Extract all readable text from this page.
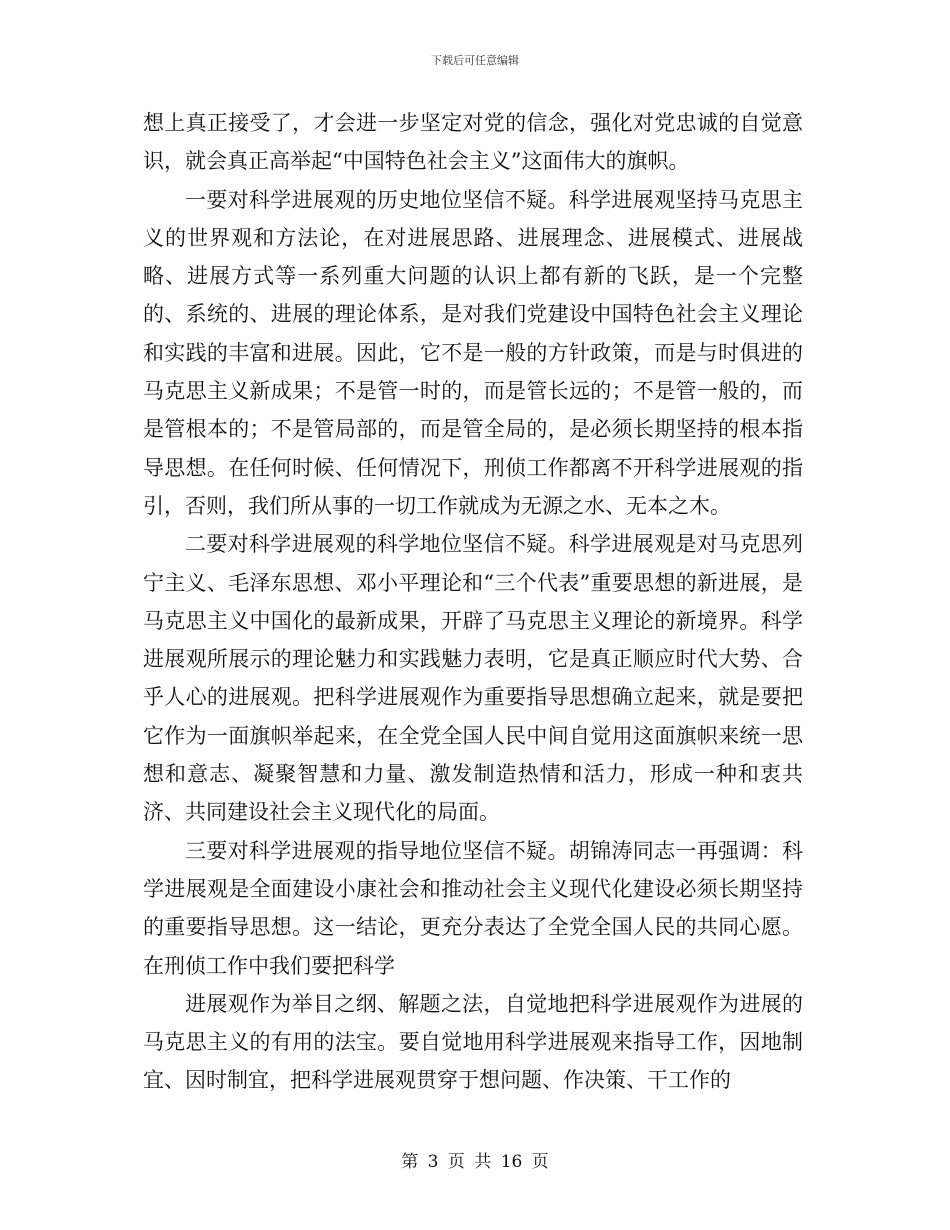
下载后可任意编辑

想上真正接受了，才会进一步坚定对党的信念，强化对党忠诚的自觉意识，就会真正高举起“中国特色社会主义”这面伟大的旗帜。

一要对科学进展观的历史地位坚信不疑。科学进展观坚持马克思主义的世界观和方法论，在对进展思路、进展理念、进展模式、进展战略、进展方式等一系列重大问题的认识上都有新的飞跃，是一个完整的、系统的、进展的理论体系，是对我们党建设中国特色社会主义理论和实践的丰富和进展。因此，它不是一般的方针政策，而是与时俱进的马克思主义新成果；不是管一时的，而是管长远的；不是管一般的，而是管根本的；不是管局部的，而是管全局的，是必须长期坚持的根本指导思想。在任何时候、任何情况下，刑侦工作都离不开科学进展观的指引，否则，我们所从事的一切工作就成为无源之水、无本之木。

二要对科学进展观的科学地位坚信不疑。科学进展观是对马克思列宁主义、毛泽东思想、邓小平理论和“三个代表”重要思想的新进展，是马克思主义中国化的最新成果，开辟了马克思主义理论的新境界。科学进展观所展示的理论魅力和实践魅力表明，它是真正顺应时代大势、合乎人心的进展观。把科学进展观作为重要指导思想确立起来，就是要把它作为一面旗帜举起来，在全党全国人民中间自觉用这面旗帜来统一思想和意志、凝聚智慧和力量、激发制造热情和活力，形成一种和衷共济、共同建设社会主义现代化的局面。

三要对科学进展观的指导地位坚信不疑。胡锦涛同志一再强调：科学进展观是全面建设小康社会和推动社会主义现代化建设必须长期坚持的重要指导思想。这一结论，更充分表达了全党全国人民的共同心愿。在刑侦工作中我们要把科学

进展观作为举目之纲、解题之法，自觉地把科学进展观作为进展的马克思主义的有用的法宝。要自觉地用科学进展观来指导工作，因地制宜、因时制宜，把科学进展观贯穿于想问题、作决策、干工作的

第 3 页 共 16 页
